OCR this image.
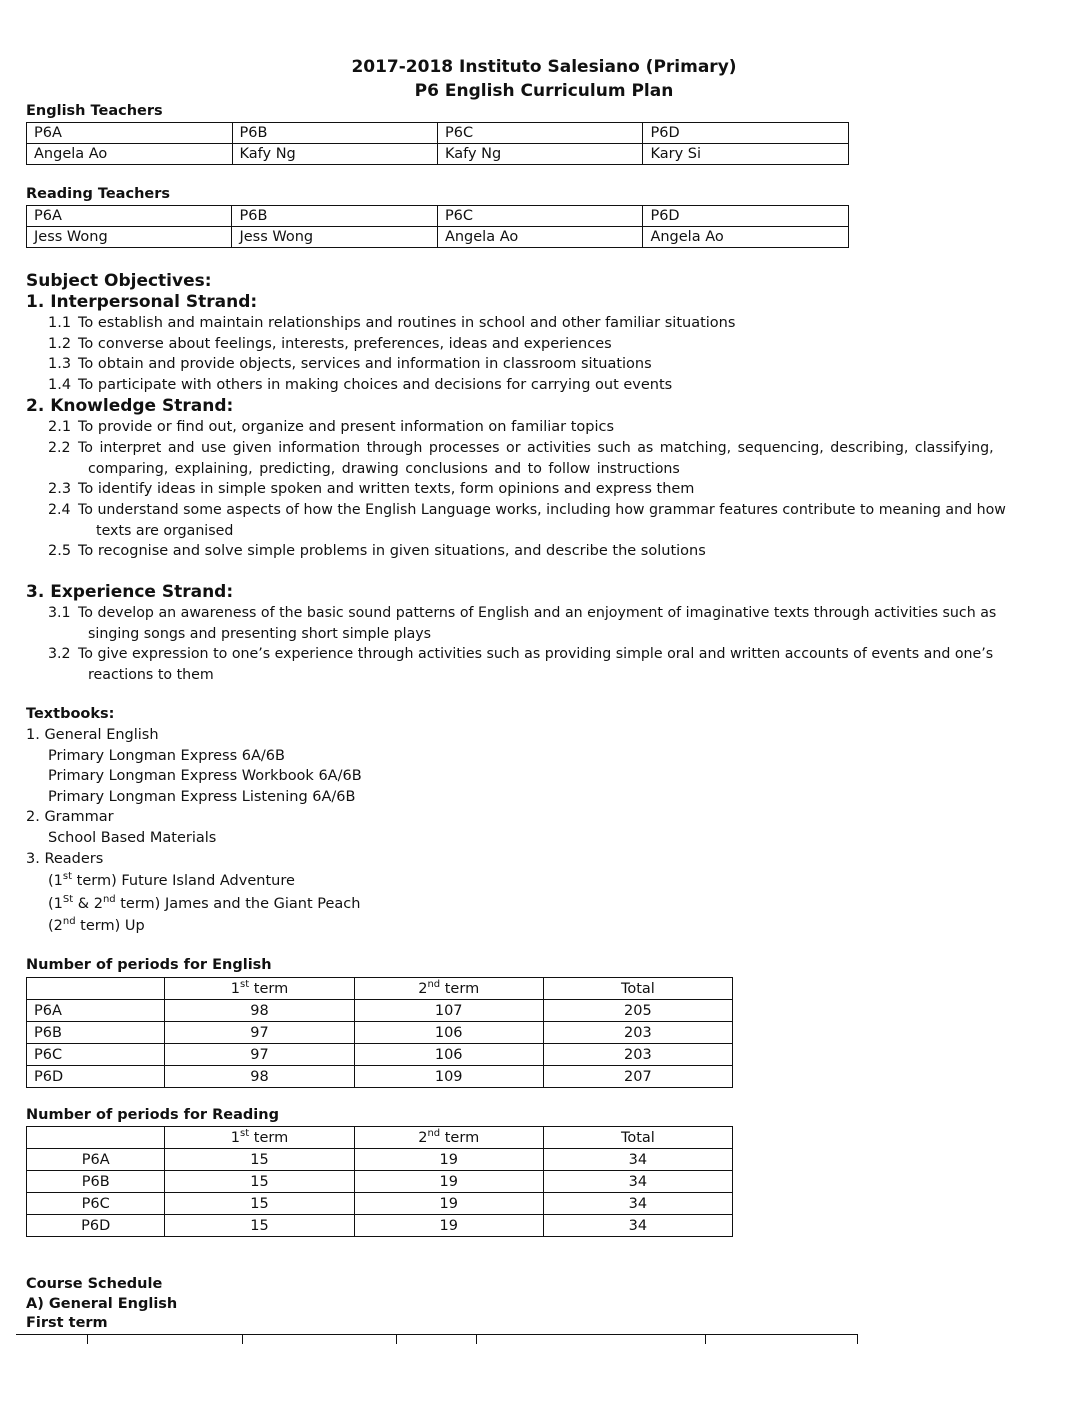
2017-2018 Instituto Salesiano (Primary)
P6 English Curriculum Plan
English Teachers
P6A	P6B	P6C	P6D
Angela Ao	Kafy Ng	Kafy Ng	Kary Si
Reading Teachers
P6A	P6B	P6C	P6D
Jess Wong	Jess Wong	Angela Ao	Angela Ao
Subject Objectives:
1. Interpersonal Strand:
1.1 To establish and maintain relationships and routines in school and other familiar situations
1.2 To converse about feelings, interests, preferences, ideas and experiences
1.3 To obtain and provide objects, services and information in classroom situations
1.4 To participate with others in making choices and decisions for carrying out events
2. Knowledge Strand:
2.1 To provide or find out, organize and present information on familiar topics
2.2 To interpret and use given information through processes or activities such as matching, sequencing, describing, classifying,
comparing, explaining, predicting, drawing conclusions and to follow instructions
2.3 To identify ideas in simple spoken and written texts, form opinions and express them
2.4 To understand some aspects of how the English Language works, including how grammar features contribute to meaning and how
texts are organised
2.5 To recognise and solve simple problems in given situations, and describe the solutions
3. Experience Strand:
3.1 To develop an awareness of the basic sound patterns of English and an enjoyment of imaginative texts through activities such as
singing songs and presenting short simple plays
3.2 To give expression to one’s experience through activities such as providing simple oral and written accounts of events and one’s
reactions to them
Textbooks:
1. General English
Primary Longman Express 6A/6B
Primary Longman Express Workbook 6A/6B
Primary Longman Express Listening 6A/6B
2. Grammar
School Based Materials
3. Readers
(1st term) Future Island Adventure
(1St & 2nd term) James and the Giant Peach
(2nd term) Up
Number of periods for English
	1st term	2nd term	Total
P6A	98	107	205
P6B	97	106	203
P6C	97	106	203
P6D	98	109	207
Number of periods for Reading
	1st term	2nd term	Total
P6A	15	19	34
P6B	15	19	34
P6C	15	19	34
P6D	15	19	34
Course Schedule
A) General English
First term
